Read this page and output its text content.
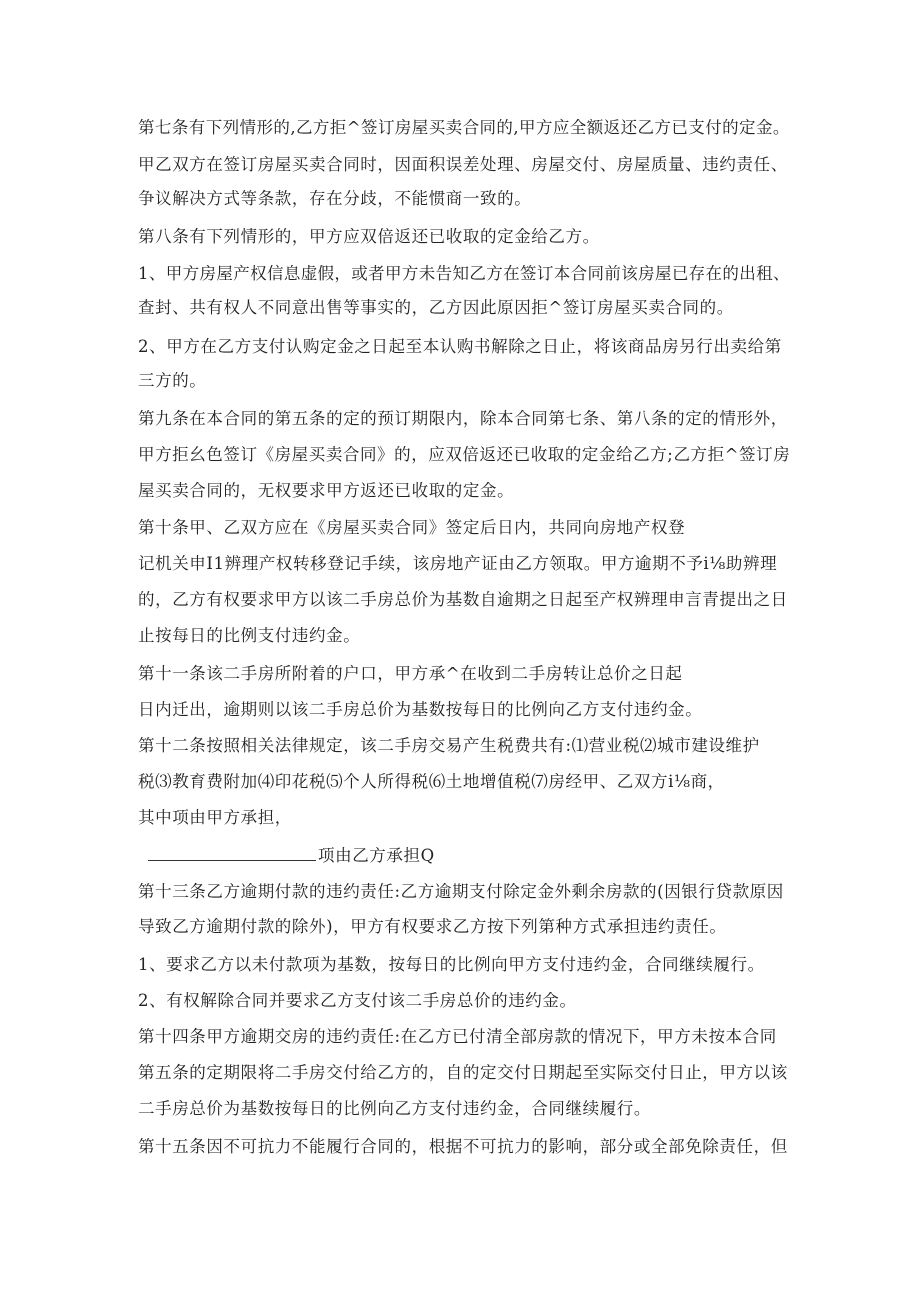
第七条有下列情形的,乙方拒^签订房屋买卖合同的,甲方应全额返还乙方已支付的定金。
甲乙双方在签订房屋买卖合同时，因面积误差处理、房屋交付、房屋质量、违约责任、
争议解决方式等条款，存在分歧，不能惯商一致的。
第八条有下列情形的，甲方应双倍返还已收取的定金给乙方。
1、甲方房屋产权信息虚假，或者甲方未告知乙方在签订本合同前该房屋已存在的出租、
查封、共有权人不同意出售等事实的，乙方因此原因拒^签订房屋买卖合同的。
2、甲方在乙方支付认购定金之日起至本认购书解除之日止，将该商品房另行出卖给第
三方的。
第九条在本合同的第五条的定的预订期限内，除本合同第七条、第八条的定的情形外，
甲方拒幺色签订《房屋买卖合同》的，应双倍返还已收取的定金给乙方;乙方拒^签订房
屋买卖合同的，无权要求甲方返还已收取的定金。
第十条甲、乙双方应在《房屋买卖合同》签定后日内，共同向房地产权登
记机关申I1辨理产权转移登记手续，该房地产证由乙方领取。甲方逾期不予i⅛助辨理
的，乙方有权要求甲方以该二手房总价为基数自逾期之日起至产权辨理申言青提出之日
止按每日的比例支付违约金。
第十一条该二手房所附着的户口，甲方承^在收到二手房转让总价之日起
日内迁出，逾期则以该二手房总价为基数按每日的比例向乙方支付违约金。
第十二条按照相关法律规定，该二手房交易产生税费共有:⑴营业税⑵城市建设维护
税⑶教育费附加⑷印花税⑸个人所得税⑹土地增值税⑺房经甲、乙双方i⅛商，
其中项由甲方承担，
项由乙方承担Q
第十三条乙方逾期付款的违约责任:乙方逾期支付除定金外剩余房款的(因银行贷款原因
导致乙方逾期付款的除外)，甲方有权要求乙方按下列第种方式承担违约责任。
1、要求乙方以未付款项为基数，按每日的比例向甲方支付违约金，合同继续履行。
2、有权解除合同并要求乙方支付该二手房总价的违约金。
第十四条甲方逾期交房的违约责任:在乙方已付清全部房款的情况下，甲方未按本合同
第五条的定期限将二手房交付给乙方的，自的定交付日期起至实际交付日止，甲方以该
二手房总价为基数按每日的比例向乙方支付违约金，合同继续履行。
第十五条因不可抗力不能履行合同的，根据不可抗力的影响，部分或全部免除责任，但
